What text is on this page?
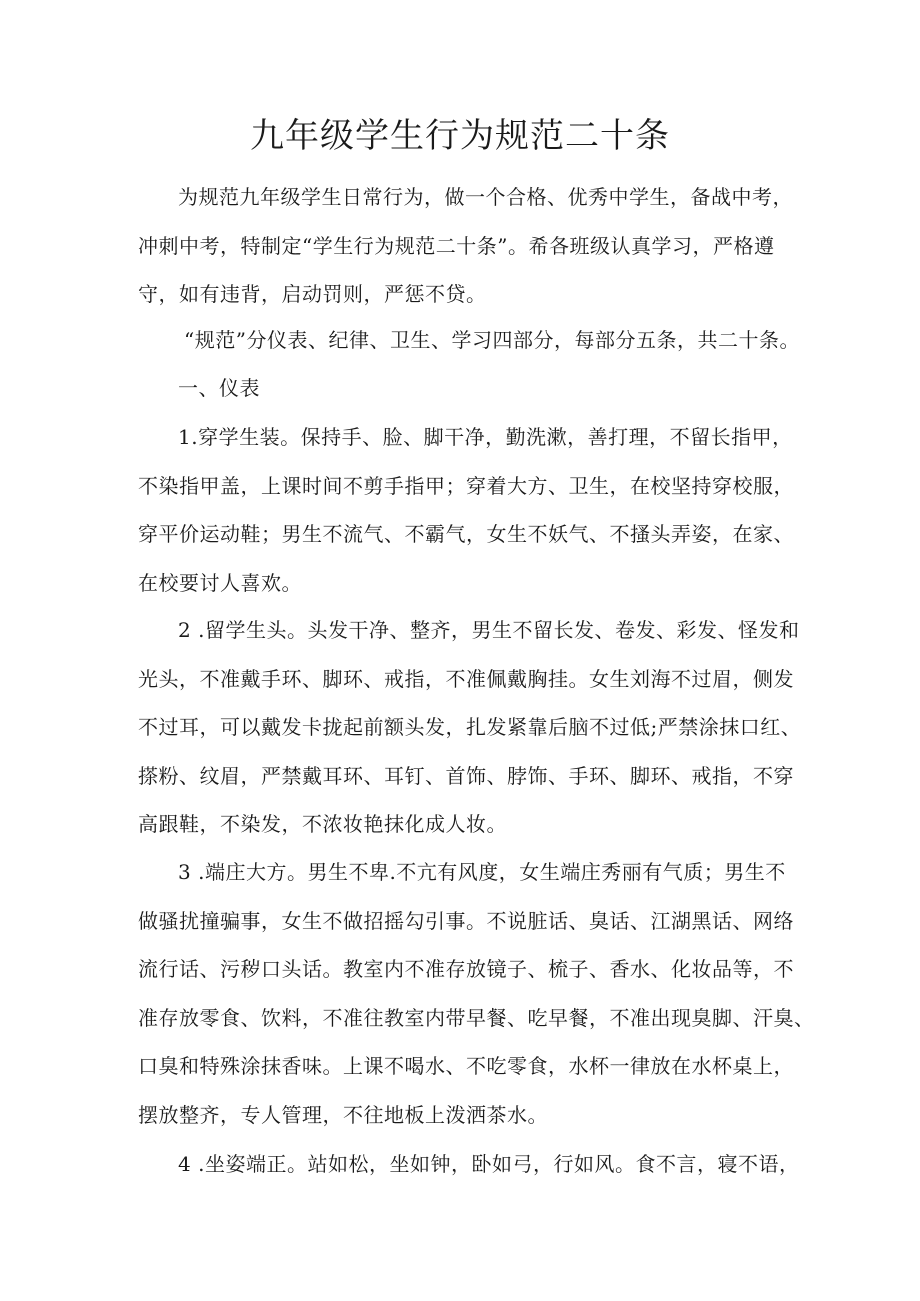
九年级学生行为规范二十条

为规范九年级学生日常行为，做一个合格、优秀中学生，备战中考，
冲刺中考，特制定“学生行为规范二十条”。希各班级认真学习，严格遵
守，如有违背，启动罚则，严惩不贷。

“规范”分仪表、纪律、卫生、学习四部分，每部分五条，共二十条。

一、仪表

1.穿学生装。保持手、脸、脚干净，勤洗漱，善打理，不留长指甲，
不染指甲盖，上课时间不剪手指甲；穿着大方、卫生，在校坚持穿校服，
穿平价运动鞋；男生不流气、不霸气，女生不妖气、不搔头弄姿，在家、
在校要讨人喜欢。

2 .留学生头。头发干净、整齐，男生不留长发、卷发、彩发、怪发和
光头，不准戴手环、脚环、戒指，不准佩戴胸挂。女生刘海不过眉，侧发
不过耳，可以戴发卡拢起前额头发，扎发紧靠后脑不过低;严禁涂抹口红、
搽粉、纹眉，严禁戴耳环、耳钉、首饰、脖饰、手环、脚环、戒指，不穿
高跟鞋，不染发，不浓妆艳抹化成人妆。

3 .端庄大方。男生不卑.不亢有风度，女生端庄秀丽有气质；男生不
做骚扰撞骗事，女生不做招摇勾引事。不说脏话、臭话、江湖黑话、网络
流行话、污秽口头话。教室内不准存放镜子、梳子、香水、化妆品等，不
准存放零食、饮料，不准往教室内带早餐、吃早餐，不准出现臭脚、汗臭、
口臭和特殊涂抹香味。上课不喝水、不吃零食，水杯一律放在水杯桌上，
摆放整齐，专人管理，不往地板上泼洒茶水。

4 .坐姿端正。站如松，坐如钟，卧如弓，行如风。食不言，寝不语，
